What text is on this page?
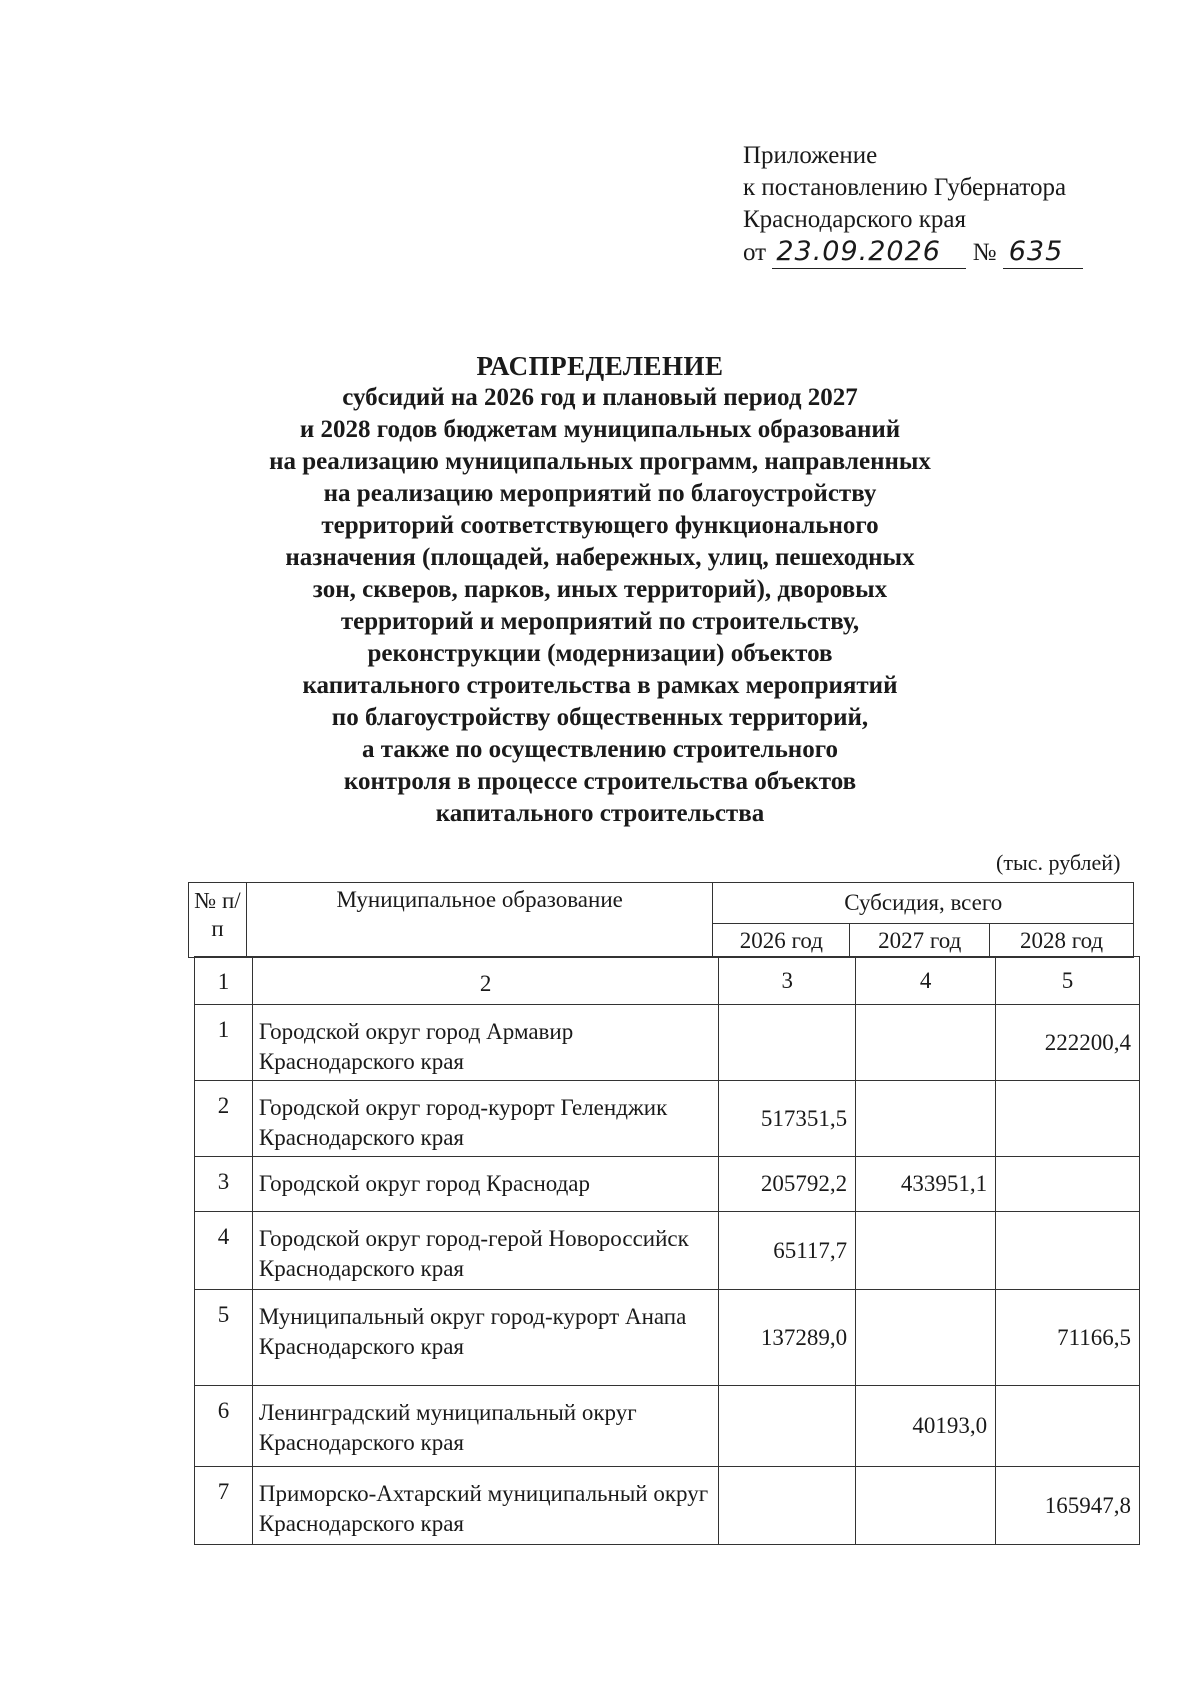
Приложение
к постановлению Губернатора
Краснодарского края
от 23.09.2026 № 635
РАСПРЕДЕЛЕНИЕ
субсидий на 2026 год и плановый период 2027
и 2028 годов бюджетам муниципальных образований
на реализацию муниципальных программ, направленных
на реализацию мероприятий по благоустройству
территорий соответствующего функционального
назначения (площадей, набережных, улиц, пешеходных
зон, скверов, парков, иных территорий), дворовых
территорий и мероприятий по строительству,
реконструкции (модернизации) объектов
капитального строительства в рамках мероприятий
по благоустройству общественных территорий,
а также по осуществлению строительного
контроля в процессе строительства объектов
капитального строительства
(тыс. рублей)
№ п/п	Муниципальное образование	Субсидия, всего		
		2026 год	2027 год	2028 год
1	2	3	4	5
1	Городской округ город Армавир Краснодарского края			222200,4
2	Городской округ город-курорт Геленджик Краснодарского края	517351,5		
3	Городской округ город Краснодар	205792,2	433951,1	
4	Городской округ город-герой Новороссийск Краснодарского края	65117,7		
5	Муниципальный округ город-курорт Анапа Краснодарского края	137289,0		71166,5
6	Ленинградский муниципальный округ Краснодарского края		40193,0	
7	Приморско-Ахтарский муниципальный округ Краснодарского края			165947,8
